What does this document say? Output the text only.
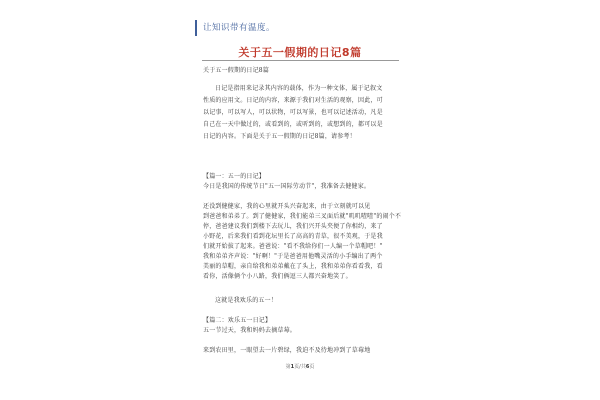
让知识带有温度。
关于五一假期的日记8篇
关于五一假期的日记8篇
日记是指用来记录其内容的载体，作为一种文体，属于记叙文
性质的应用文。日记的内容，来源于我们对生活的观察，因此，可
以记事，可以写人，可以状物，可以写景，也可以记述活动，凡是
自己在一天中做过的，或看到的，或听到的，或想到的，都可以是
日记的内容。下面是关于五一假期的日记8篇，请参考！
【篇一：五一的日记】
今日是我国的传统节日"五一国际劳动节"，我准备去健健家。
还没到健健家，我的心里就开头兴奋起来，由于立刻就可以见
到爸爸和弟弟了。到了健健家，我们能弟三叉面后就"叽叽喳喳"的闹个不
停，爸爸建议我们到楼下去玩儿，我们兴开头夹便了你相约，来了
小野花，后来我们看到花坛里长了高高的青草，很不美观，于是我
们就开始拔了起来。爸爸说："看不我给你们一人编一个草帽吧！"
我和弟弟齐声说："好啊！"于是爸爸用他嘴灵活的小手编出了两个
美丽的草帽，亲自给我和弟弟戴在了头上，我和弟弟你看看我，看
看你，活像俩个小八路，我们俩逗三人都兴奋地笑了。
这就是我欢乐的五一！
【篇二：欢乐五一日记】
五一节过天，我和妈妈去摘草莓。
来到农田里，一眼望去一片碧绿，我迫不及待地冲到了草莓地
第1页/共6页
